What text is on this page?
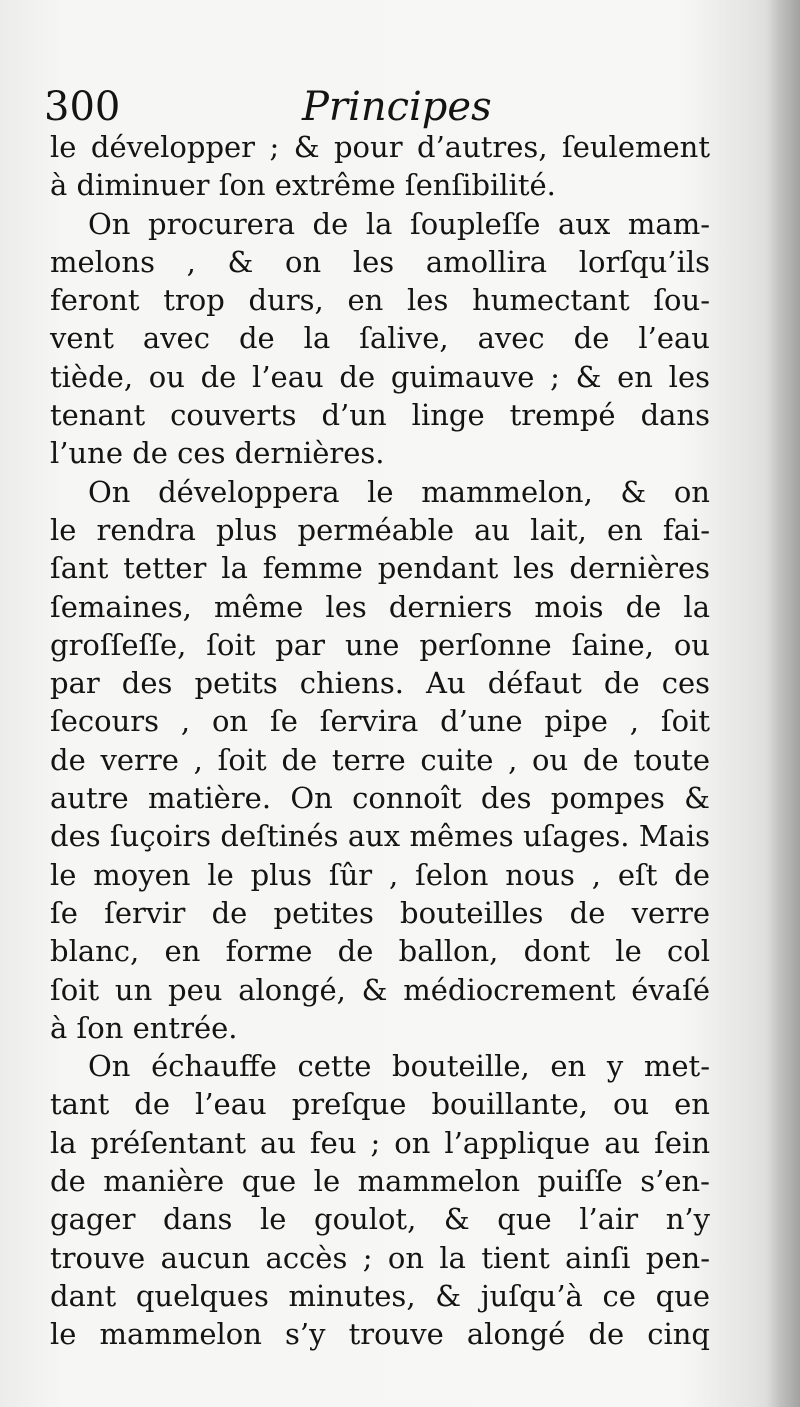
300	Principes
le développer ; & pour d’autres, ſeulement
à diminuer ſon extrême ſenſibilité.
On procurera de la ſoupleſſe aux mam-
melons , & on les amollira lorſqu’ils
feront trop durs, en les humectant ſou-
vent avec de la ſalive, avec de l’eau
tiède, ou de l’eau de guimauve ; & en les
tenant couverts d’un linge trempé dans
l’une de ces dernières.
On développera le mammelon, & on
le rendra plus perméable au lait, en fai-
ſant tetter la femme pendant les dernières
ſemaines, même les derniers mois de la
groſſeſſe, ſoit par une perſonne ſaine, ou
par des petits chiens. Au défaut de ces
ſecours , on ſe ſervira d’une pipe , ſoit
de verre , ſoit de terre cuite , ou de toute
autre matière. On connoît des pompes &
des ſuçoirs deſtinés aux mêmes uſages. Mais
le moyen le plus ſûr , ſelon nous , eſt de
ſe ſervir de petites bouteilles de verre
blanc, en forme de ballon, dont le col
ſoit un peu alongé, & médiocrement évaſé
à ſon entrée.
On échauffe cette bouteille, en y met-
tant de l’eau preſque bouillante, ou en
la préſentant au feu ; on l’applique au ſein
de manière que le mammelon puiſſe s’en-
gager dans le goulot, & que l’air n’y
trouve aucun accès ; on la tient ainſi pen-
dant quelques minutes, & juſqu’à ce que
le mammelon s’y trouve alongé de cinq
